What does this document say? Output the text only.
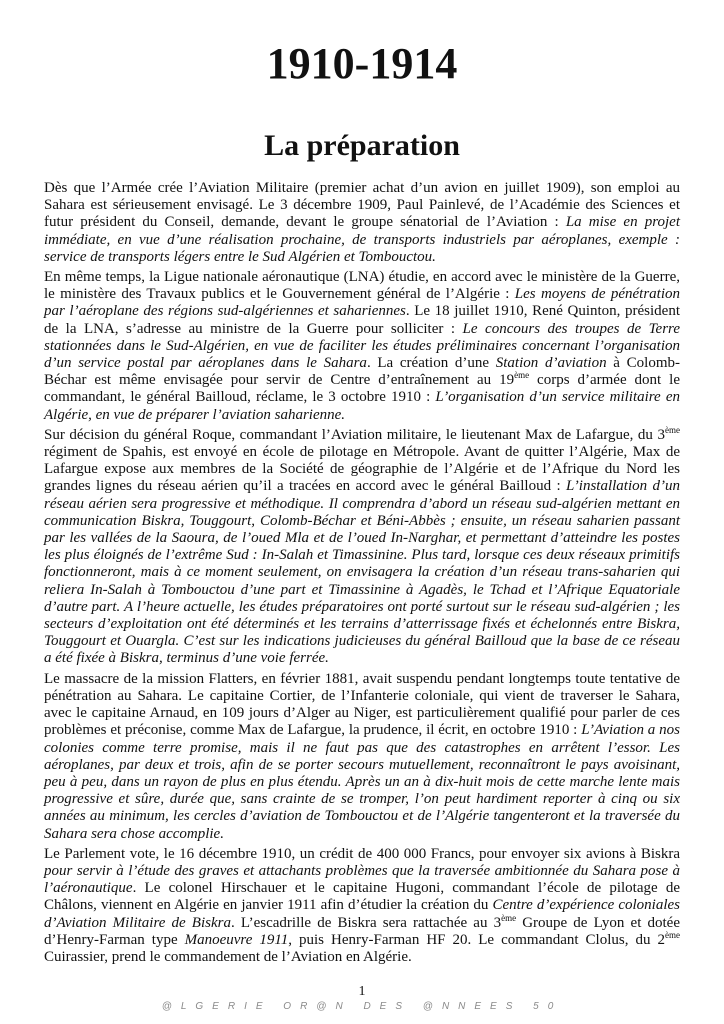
1910-1914
La préparation

Dès que l’Armée crée l’Aviation Militaire (premier achat d’un avion en juillet 1909), son emploi au Sahara est sérieusement envisagé. Le 3 décembre 1909, Paul Painlevé, de l’Académie des Sciences et futur président du Conseil, demande, devant le groupe sénatorial de l’Aviation : La mise en projet immédiate, en vue d’une réalisation prochaine, de transports industriels par aéroplanes, exemple : service de transports légers entre le Sud Algérien et Tombouctou.

En même temps, la Ligue nationale aéronautique (LNA) étudie, en accord avec le ministère de la Guerre, le ministère des Travaux publics et le Gouvernement général de l’Algérie : Les moyens de pénétration par l’aéroplane des régions sud-algériennes et sahariennes. Le 18 juillet 1910, René Quinton, président de la LNA, s’adresse au ministre de la Guerre pour solliciter : Le concours des troupes de Terre stationnées dans le Sud-Algérien, en vue de faciliter les études préliminaires concernant l’organisation d’un service postal par aéroplanes dans le Sahara. La création d’une Station d’aviation à Colomb-Béchar est même envisagée pour servir de Centre d’entraînement au 19ème corps d’armée dont le commandant, le général Bailloud, réclame, le 3 octobre 1910 : L’organisation d’un service militaire en Algérie, en vue de préparer l’aviation saharienne.

Sur décision du général Roque, commandant l’Aviation militaire, le lieutenant Max de Lafargue, du 3ème régiment de Spahis, est envoyé en école de pilotage en Métropole. Avant de quitter l’Algérie, Max de Lafargue expose aux membres de la Société de géographie de l’Algérie et de l’Afrique du Nord les grandes lignes du réseau aérien qu’il a tracées en accord avec le général Bailloud : L’installation d’un réseau aérien sera progressive et méthodique. Il comprendra d’abord un réseau sud-algérien mettant en communication Biskra, Touggourt, Colomb-Béchar et Béni-Abbès ; ensuite, un réseau saharien passant par les vallées de la Saoura, de l’oued Mla et de l’oued In-Narghar, et permettant d’atteindre les postes les plus éloignés de l’extrême Sud : In-Salah et Timassinine. Plus tard, lorsque ces deux réseaux primitifs fonctionneront, mais à ce moment seulement, on envisagera la création d’un réseau trans-saharien qui reliera In-Salah à Tombouctou d’une part et Timassinine à Agadès, le Tchad et l’Afrique Equatoriale d’autre part. A l’heure actuelle, les études préparatoires ont porté surtout sur le réseau sud-algérien ; les secteurs d’exploitation ont été déterminés et les terrains d’atterrissage fixés et échelonnés entre Biskra, Touggourt et Ouargla. C’est sur les indications judicieuses du général Bailloud que la base de ce réseau a été fixée à Biskra, terminus d’une voie ferrée.

Le massacre de la mission Flatters, en février 1881, avait suspendu pendant longtemps toute tentative de pénétration au Sahara. Le capitaine Cortier, de l’Infanterie coloniale, qui vient de traverser le Sahara, avec le capitaine Arnaud, en 109 jours d’Alger au Niger, est particulièrement qualifié pour parler de ces problèmes et préconise, comme Max de Lafargue, la prudence, il écrit, en octobre 1910 : L’Aviation a nos colonies comme terre promise, mais il ne faut pas que des catastrophes en arrêtent l’essor. Les aéroplanes, par deux et trois, afin de se porter secours mutuellement, reconnaîtront le pays avoisinant, peu à peu, dans un rayon de plus en plus étendu. Après un an à dix-huit mois de cette marche lente mais progressive et sûre, durée que, sans crainte de se tromper, l’on peut hardiment reporter à cinq ou six années au minimum, les cercles d’aviation de Tombouctou et de l’Algérie tangenteront et la traversée du Sahara sera chose accomplie.

Le Parlement vote, le 16 décembre 1910, un crédit de 400 000 Francs, pour envoyer six avions à Biskra pour servir à l’étude des graves et attachants problèmes que la traversée ambitionnée du Sahara pose à l’aéronautique. Le colonel Hirschauer et le capitaine Hugoni, commandant l’école de pilotage de Châlons, viennent en Algérie en janvier 1911 afin d’étudier la création du Centre d’expérience coloniales d’Aviation Militaire de Biskra. L’escadrille de Biskra sera rattachée au 3ème Groupe de Lyon et dotée d’Henry-Farman type Manoeuvre 1911, puis Henry-Farman HF 20. Le commandant Clolus, du 2ème Cuirassier, prend le commandement de l’Aviation en Algérie.

1
@LGERIE OR@N DES @NNEES 50
